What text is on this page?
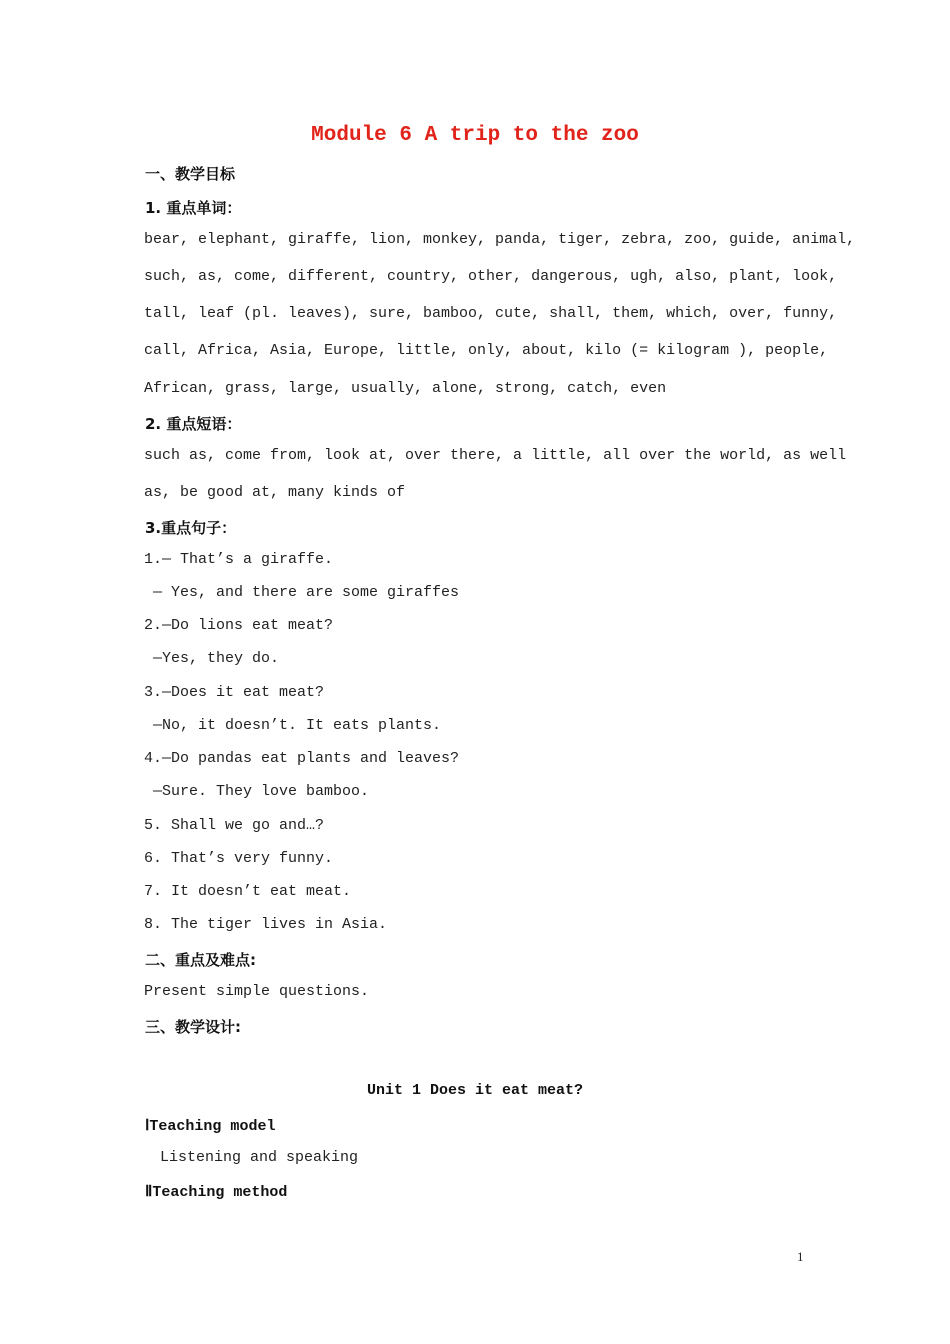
Module 6 A trip to the zoo
一、教学目标
1. 重点单词：
bear, elephant, giraffe, lion, monkey, panda, tiger, zebra, zoo, guide, animal,
such, as, come, different, country, other, dangerous, ugh, also, plant, look,
tall, leaf (pl. leaves), sure, bamboo, cute, shall, them, which, over, funny,
call, Africa, Asia, Europe, little, only, about, kilo (= kilogram ), people,
African, grass, large, usually, alone, strong, catch, even
2. 重点短语：
such as, come from, look at, over there, a little, all over the world, as well
as, be good at, many kinds of
3.重点句子：
1.— That’s a giraffe.
— Yes, and there are some giraffes
2.—Do lions eat meat?
—Yes, they do.
3.—Does it eat meat?
—No, it doesn’t. It eats plants.
4.—Do pandas eat plants and leaves?
—Sure. They love bamboo.
5. Shall we go and…?
6. That’s very funny.
7. It doesn’t eat meat.
8. The tiger lives in Asia.
二、重点及难点:
Present simple questions.
三、教学设计:
Unit 1 Does it eat meat?
ⅠTeaching model
Listening and speaking
ⅡTeaching method
1
